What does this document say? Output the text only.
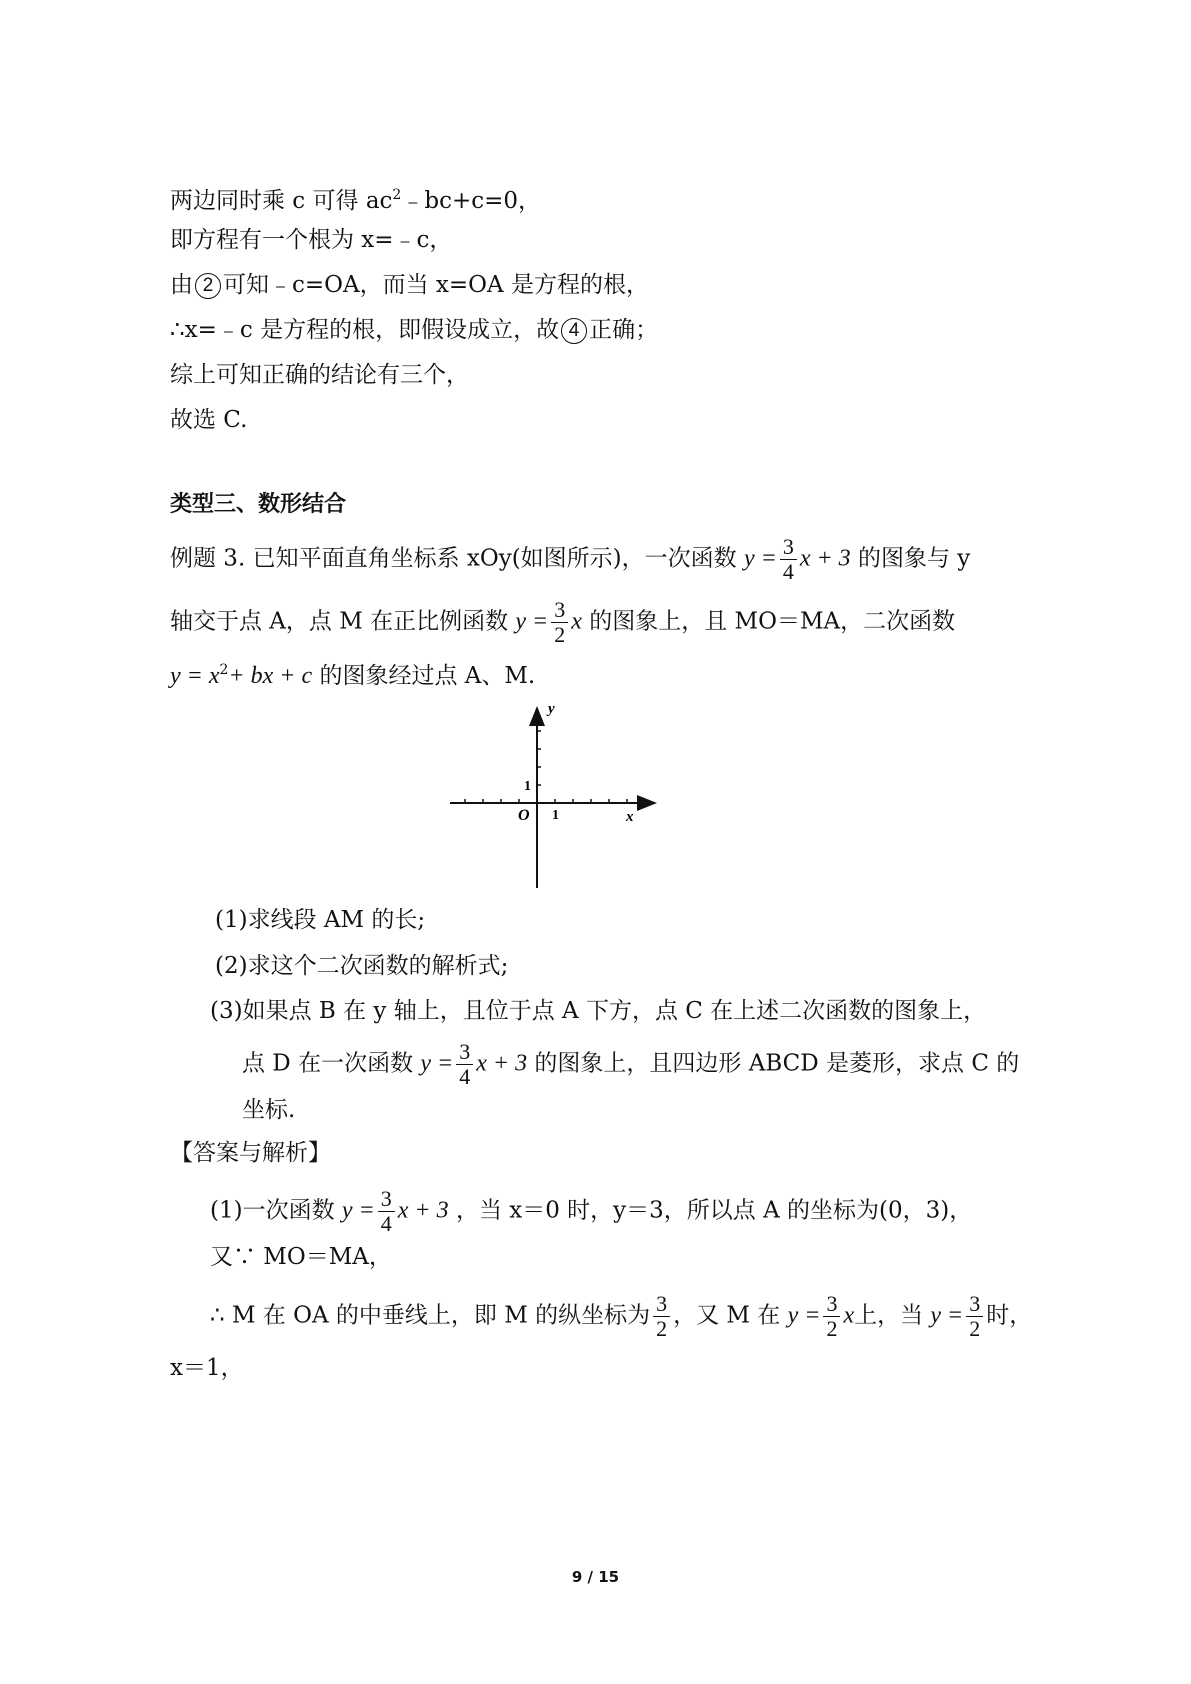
两边同时乘 c 可得 $ac^2﹣bc+c=0$，
即方程有一个根为 x=﹣c，
由 2 可知﹣c=OA，而当 x=OA 是方程的根，
∴x=﹣c 是方程的根，即假设成立，故 4 正确；
综上可知正确的结论有三个，
故选 C.
类型三、数形结合
例题 3. 已知平面直角坐标系 xOy(如图所示)，一次函数 $y = \frac{3}{4}$ x + 3 的图象与 y
轴交于点 A，点 M 在正比例函数 $y = \frac{3}{2}$ x 的图象上，且 MO＝MA，二次函数
$y = x^2+$ bx + c 的图象经过点 A、M.
y
x
O 1
1
(1)求线段 AM 的长;
(2)求这个二次函数的解析式;
(3)如果点 B 在 y 轴上，且位于点 A 下方，点 C 在上述二次函数的图象上，
点 D 在一次函数 $y = \frac{3}{4}$ x + 3 的图象上，且四边形 ABCD 是菱形，求点 C 的
坐标.
【答案与解析】
(1)一次函数 $y = \frac{3}{4}$ x + 3 ，当 x＝0 时，y＝3，所以点 A 的坐标为(0，3)，
又∵ MO＝MA，
∴ M 在 OA 的中垂线上，即 M 的纵坐标为 $\frac{3}{2}$ ，又 M 在 $y = \frac{3}{2}$ x上，当 $y = \frac{3}{2}$ 时，
x＝1，
9 / 15
